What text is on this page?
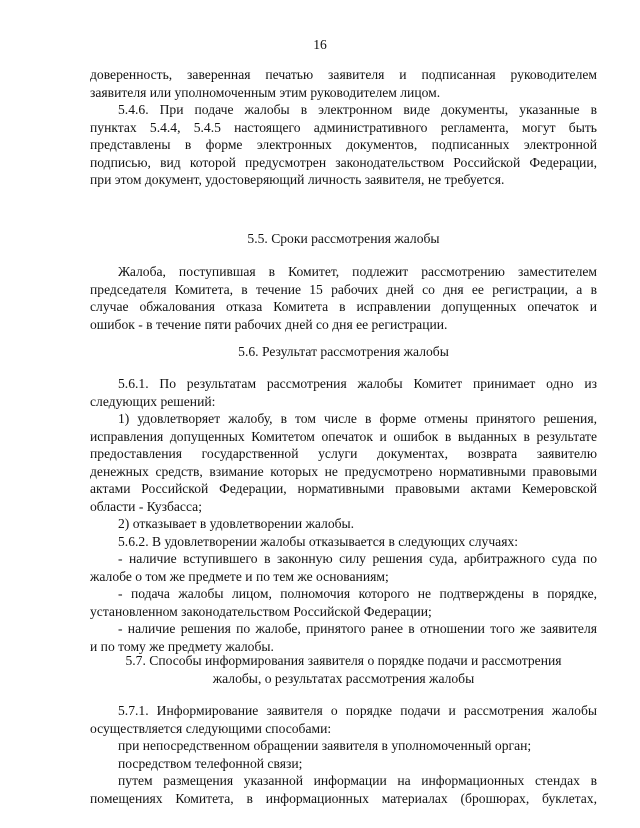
16
доверенность, заверенная печатью заявителя и подписанная руководителем
заявителя или уполномоченным этим руководителем лицом.
5.4.6. При подаче жалобы в электронном виде документы, указанные в
пунктах 5.4.4, 5.4.5 настоящего административного регламента, могут быть
представлены в форме электронных документов, подписанных электронной
подписью, вид которой предусмотрен законодательством Российской Федерации,
при этом документ, удостоверяющий личность заявителя, не требуется.
5.5. Сроки рассмотрения жалобы
Жалоба, поступившая в Комитет, подлежит рассмотрению заместителем
председателя Комитета, в течение 15 рабочих дней со дня ее регистрации, а в
случае обжалования отказа Комитета в исправлении допущенных опечаток и
ошибок - в течение пяти рабочих дней со дня ее регистрации.
5.6. Результат рассмотрения жалобы
5.6.1. По результатам рассмотрения жалобы Комитет принимает одно из
следующих решений:
1) удовлетворяет жалобу, в том числе в форме отмены принятого решения,
исправления допущенных Комитетом опечаток и ошибок в выданных в результате
предоставления государственной услуги документах, возврата заявителю
денежных средств, взимание которых не предусмотрено нормативными правовыми
актами Российской Федерации, нормативными правовыми актами Кемеровской
области - Кузбасса;
2) отказывает в удовлетворении жалобы.
5.6.2. В удовлетворении жалобы отказывается в следующих случаях:
- наличие вступившего в законную силу решения суда, арбитражного суда по
жалобе о том же предмете и по тем же основаниям;
- подача жалобы лицом, полномочия которого не подтверждены в порядке,
установленном законодательством Российской Федерации;
- наличие решения по жалобе, принятого ранее в отношении того же заявителя
и по тому же предмету жалобы.
5.7. Способы информирования заявителя о порядке подачи и рассмотрения
жалобы, о результатах рассмотрения жалобы
5.7.1. Информирование заявителя о порядке подачи и рассмотрения жалобы
осуществляется следующими способами:
при непосредственном обращении заявителя в уполномоченный орган;
посредством телефонной связи;
путем размещения указанной информации на информационных стендах в
помещениях Комитета, в информационных материалах (брошюрах, буклетах,
